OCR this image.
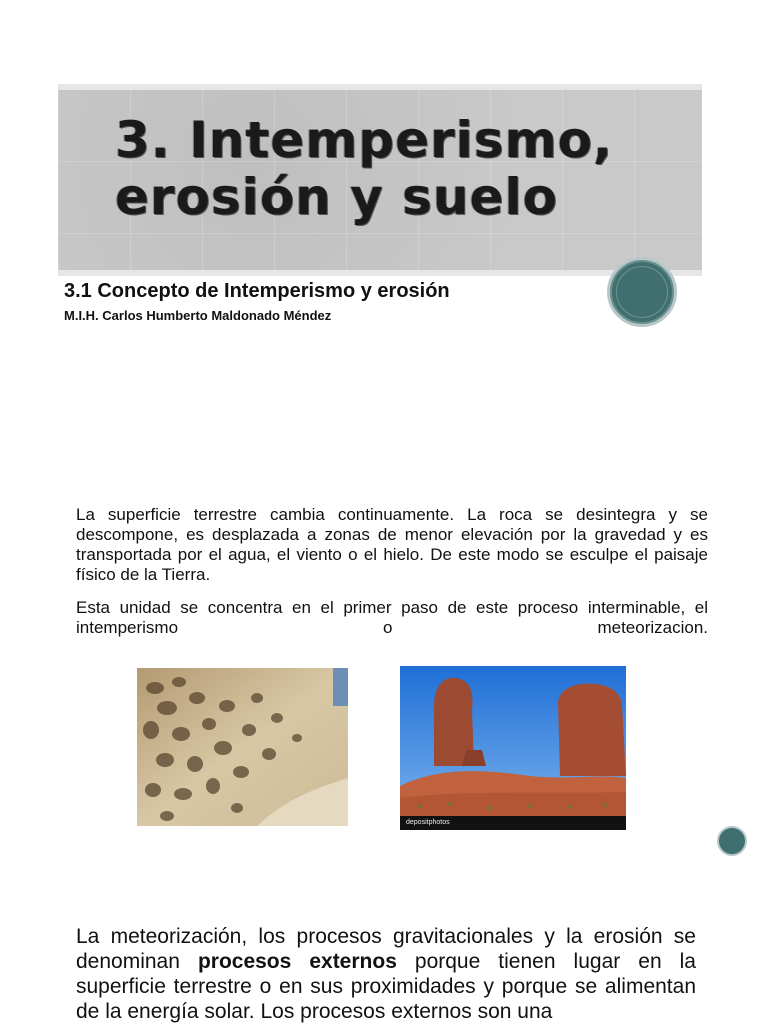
3. Intemperismo,
erosión y suelo
3.1 Concepto de Intemperismo y erosión
M.I.H. Carlos Humberto Maldonado Méndez
La superficie terrestre cambia continuamente. La roca se desintegra y se descompone, es desplazada a zonas de menor elevación por la gravedad y es transportada por el agua, el viento o el hielo. De este modo se esculpe el paisaje físico de la Tierra.
Esta unidad se concentra en el primer paso de este proceso interminable, el intemperismo o meteorizacion.
depositphotos
La meteorización, los procesos gravitacionales y la erosión se denominan procesos externos porque tienen lugar en la superficie terrestre o en sus proximidades y porque se alimentan de la energía solar. Los procesos externos son una
